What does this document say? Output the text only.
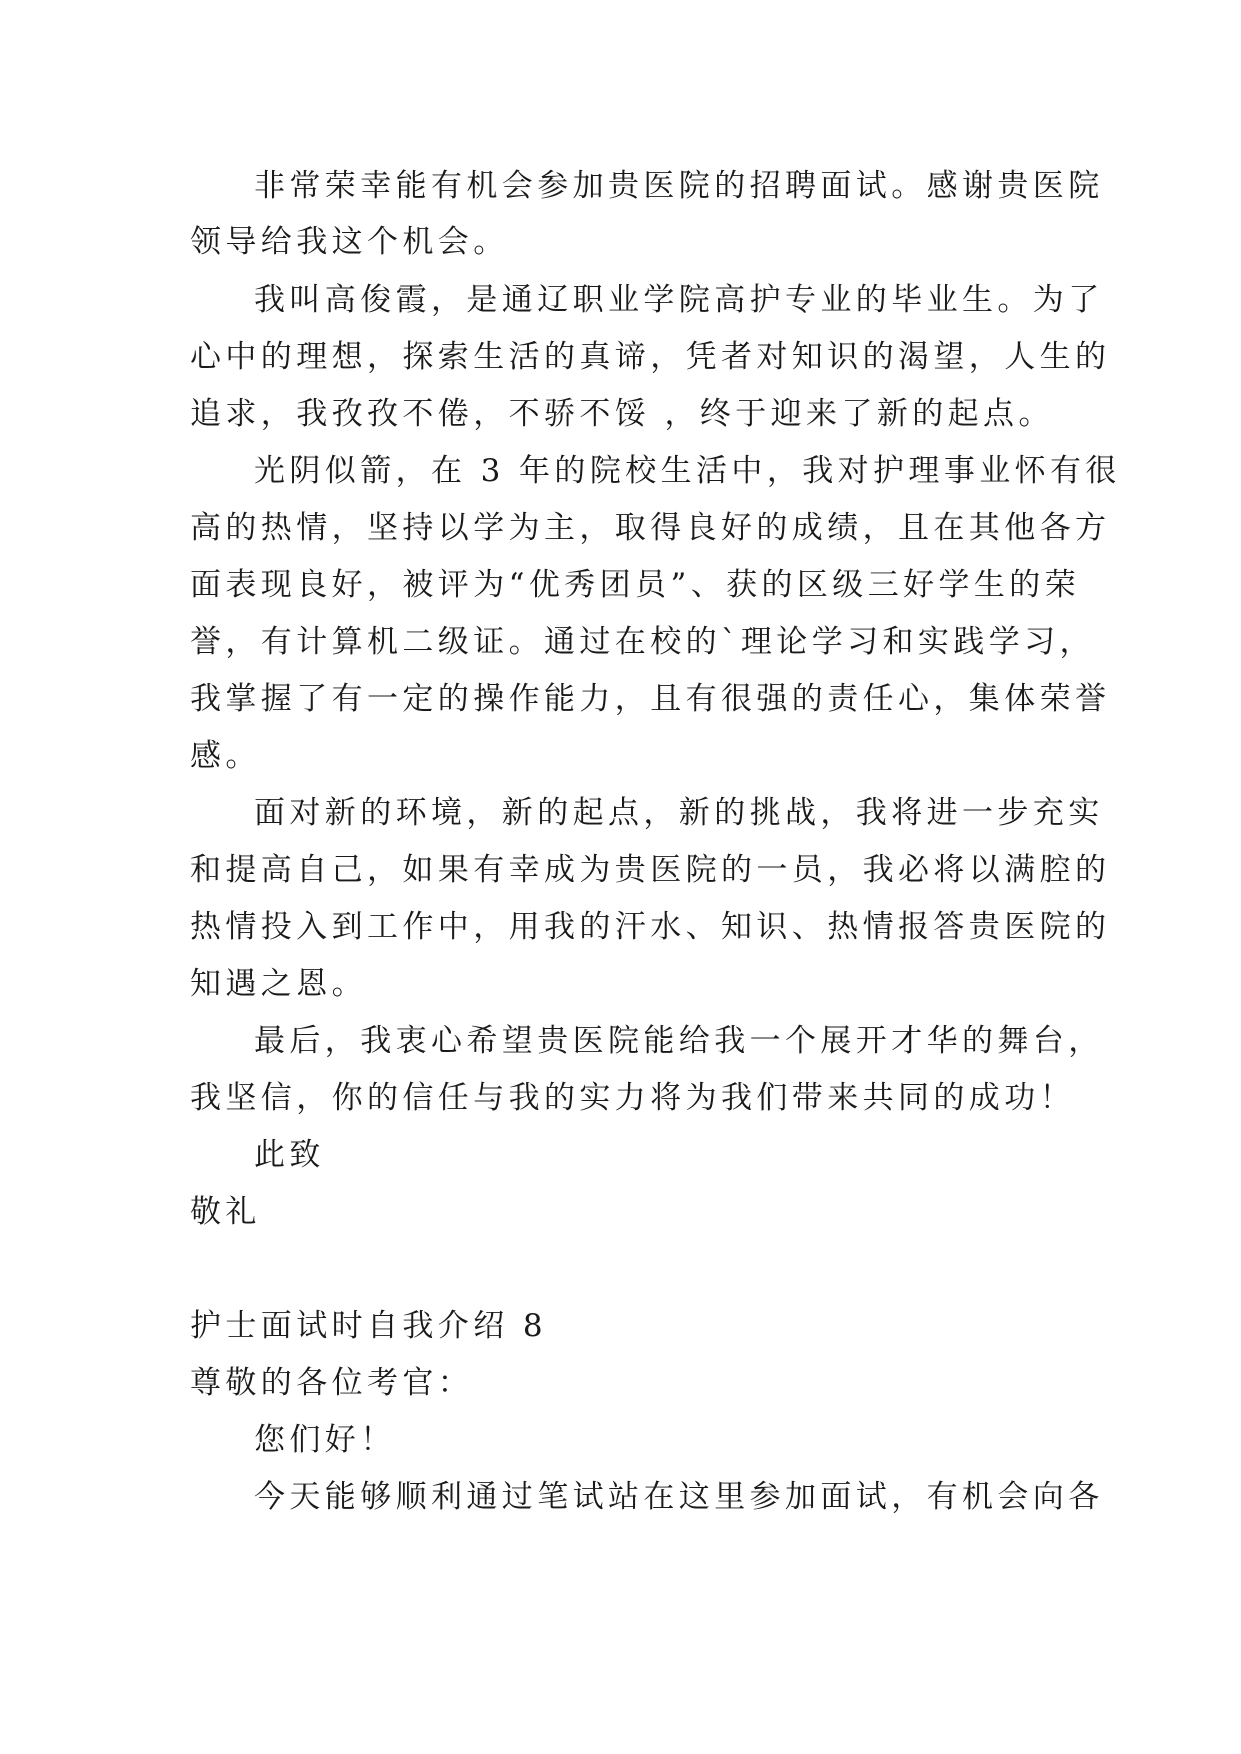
非常荣幸能有机会参加贵医院的招聘面试。感谢贵医院
领导给我这个机会。
我叫高俊霞，是通辽职业学院高护专业的毕业生。为了
心中的理想，探索生活的真谛，凭者对知识的渴望，人生的
追求，我孜孜不倦，不骄不馁 ，终于迎来了新的起点。
光阴似箭，在 3 年的院校生活中，我对护理事业怀有很
高的热情，坚持以学为主，取得良好的成绩，且在其他各方
面表现良好，被评为“优秀团员”、获的区级三好学生的荣
誉，有计算机二级证。通过在校的`理论学习和实践学习，
我掌握了有一定的操作能力，且有很强的责任心，集体荣誉
感。
面对新的环境，新的起点，新的挑战，我将进一步充实
和提高自己，如果有幸成为贵医院的一员，我必将以满腔的
热情投入到工作中，用我的汗水、知识、热情报答贵医院的
知遇之恩。
最后，我衷心希望贵医院能给我一个展开才华的舞台，
我坚信，你的信任与我的实力将为我们带来共同的成功！
此致
敬礼
护士面试时自我介绍 8
尊敬的各位考官：
您们好！
今天能够顺利通过笔试站在这里参加面试，有机会向各
